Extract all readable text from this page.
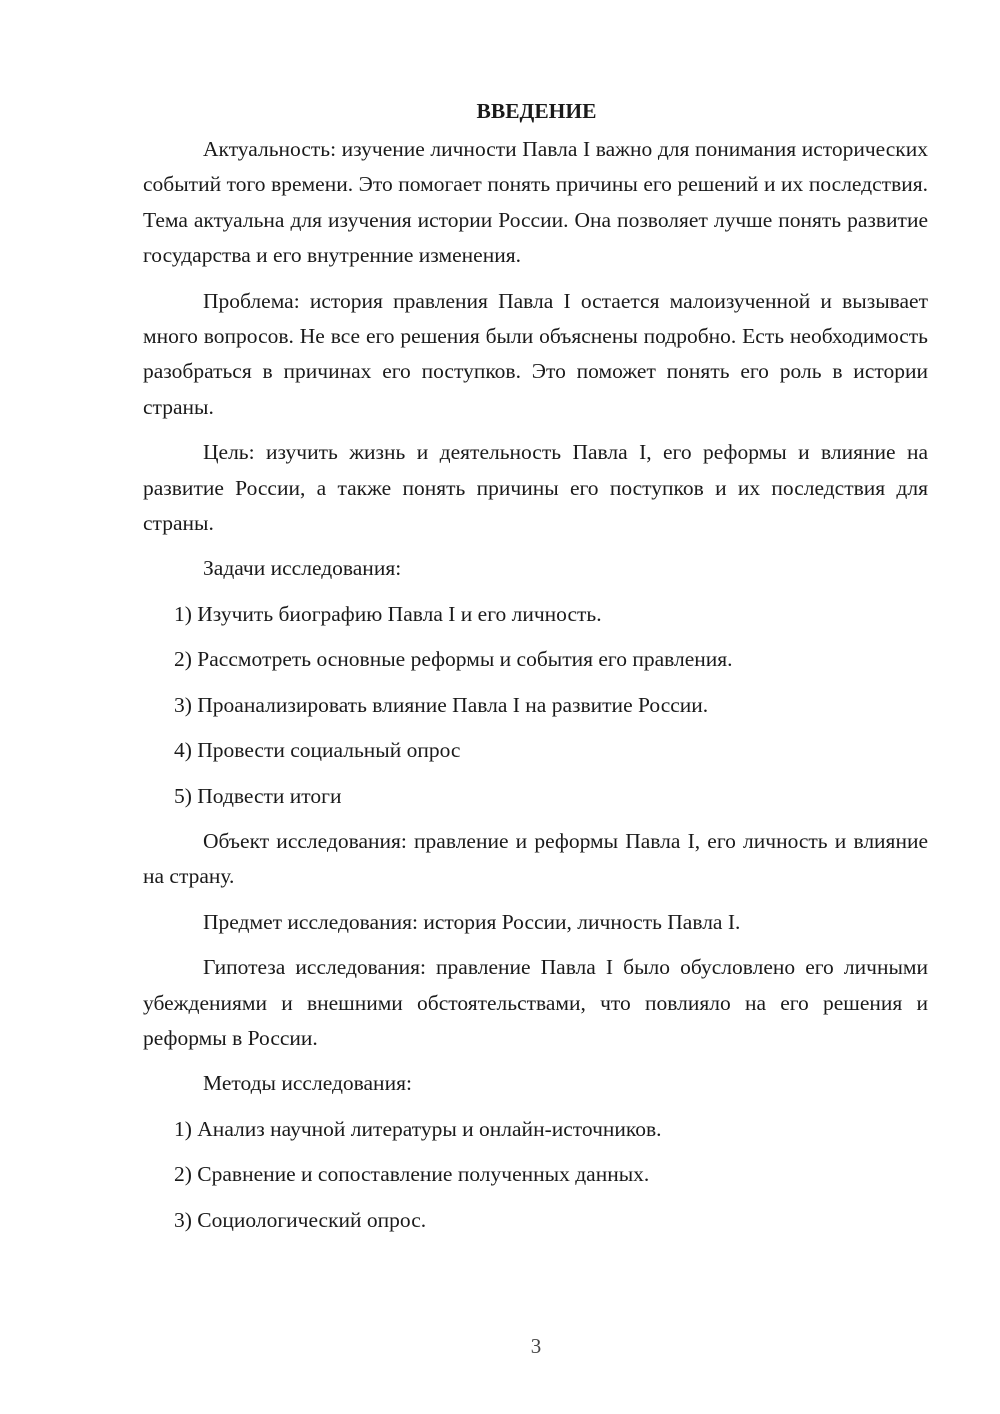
ВВЕДЕНИЕ

Актуальность: изучение личности Павла I важно для понимания исторических событий того времени. Это помогает понять причины его решений и их последствия. Тема актуальна для изучения истории России. Она позволяет лучше понять развитие государства и его внутренние изменения.

Проблема: история правления Павла I остается малоизученной и вызывает много вопросов. Не все его решения были объяснены подробно. Есть необходимость разобраться в причинах его поступков. Это поможет понять его роль в истории страны.

Цель: изучить жизнь и деятельность Павла I, его реформы и влияние на развитие России, а также понять причины его поступков и их последствия для страны.

Задачи исследования:

1) Изучить биографию Павла I и его личность.
2) Рассмотреть основные реформы и события его правления.
3) Проанализировать влияние Павла I на развитие России.
4) Провести социальный опрос
5) Подвести итоги

Объект исследования: правление и реформы Павла I, его личность и влияние на страну.

Предмет исследования: история России, личность Павла I.

Гипотеза исследования: правление Павла I было обусловлено его личными убеждениями и внешними обстоятельствами, что повлияло на его решения и реформы в России.

Методы исследования:

1) Анализ научной литературы и онлайн-источников.
2) Сравнение и сопоставление полученных данных.
3) Социологический опрос.
3
